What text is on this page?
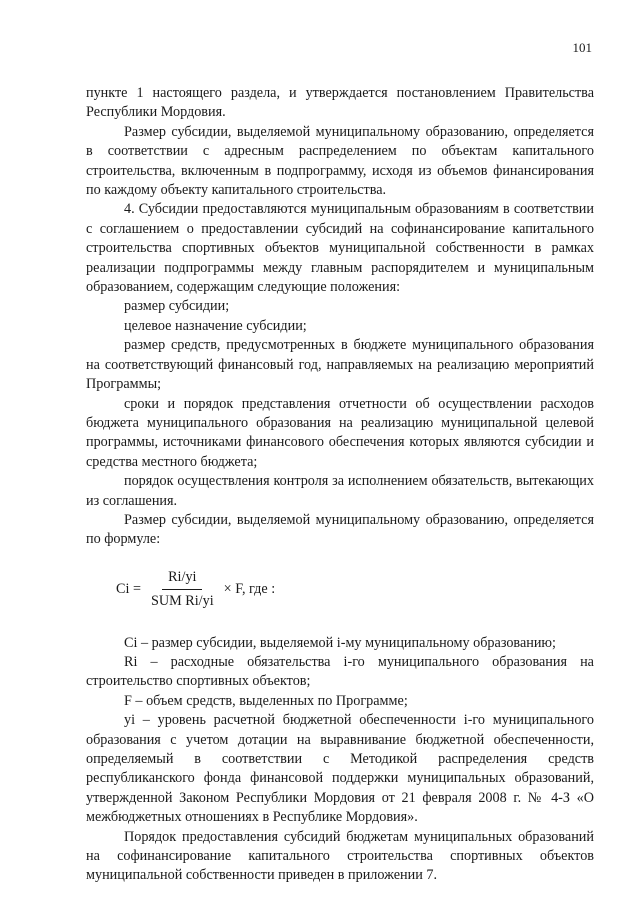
101

пункте 1 настоящего раздела, и утверждается постановлением Правительства Республики Мордовия.

Размер субсидии, выделяемой муниципальному образованию, определяется в соответствии с адресным распределением по объектам капитального строительства, включенным в подпрограмму, исходя из объемов финансирования по каждому объекту капитального строительства.

4. Субсидии предоставляются муниципальным образованиям в соответствии с соглашением о предоставлении субсидий на софинансирование капитального строительства спортивных объектов муниципальной собственности в рамках реализации подпрограммы между главным распорядителем и муниципальным образованием, содержащим следующие положения:

размер субсидии;

целевое назначение субсидии;

размер средств, предусмотренных в бюджете муниципального образования на соответствующий финансовый год, направляемых на реализацию мероприятий Программы;

сроки и порядок представления отчетности об осуществлении расходов бюджета муниципального образования на реализацию муниципальной целевой программы, источниками финансового обеспечения которых являются субсидии и средства местного бюджета;

порядок осуществления контроля за исполнением обязательств, вытекающих из соглашения.

Размер субсидии, выделяемой муниципальному образованию, определяется по формуле:

$Ci = \frac{Ri/yi}{\text{SUM Ri/yi}} \times F$, где :

Ci – размер субсидии, выделяемой i-му муниципальному образованию;

Ri – расходные обязательства i-го муниципального образования на строительство спортивных объектов;

F – объем средств, выделенных по Программе;

yi – уровень расчетной бюджетной обеспеченности i-го муниципального образования с учетом дотации на выравнивание бюджетной обеспеченности, определяемый в соответствии с Методикой распределения средств республиканского фонда финансовой поддержки муниципальных образований, утвержденной Законом Республики Мордовия от 21 февраля 2008 г. № 4-З «О межбюджетных отношениях в Республике Мордовия».

Порядок предоставления субсидий бюджетам муниципальных образований на софинансирование капитального строительства спортивных объектов муниципальной собственности приведен в приложении 7.
